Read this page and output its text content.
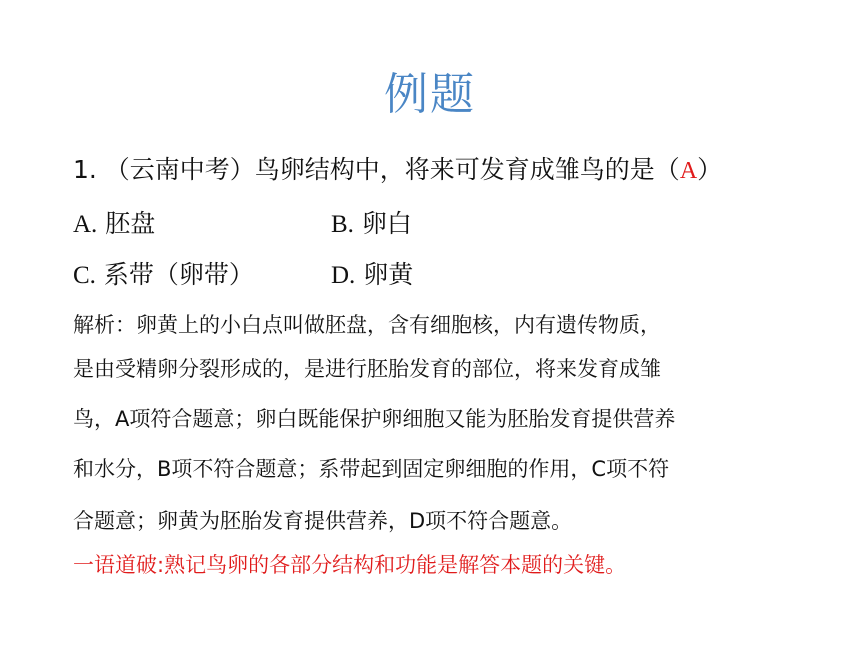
例题
1. （云南中考）鸟卵结构中，将来可发育成雏鸟的是（A）
A. 胚盘	B. 卵白
C. 系带（卵带）	D. 卵黄
解析：卵黄上的小白点叫做胚盘，含有细胞核，内有遗传物质，
是由受精卵分裂形成的，是进行胚胎发育的部位，将来发育成雏
鸟，A项符合题意；卵白既能保护卵细胞又能为胚胎发育提供营养
和水分，B项不符合题意；系带起到固定卵细胞的作用，C项不符
合题意；卵黄为胚胎发育提供营养，D项不符合题意。
一语道破:熟记鸟卵的各部分结构和功能是解答本题的关键。
